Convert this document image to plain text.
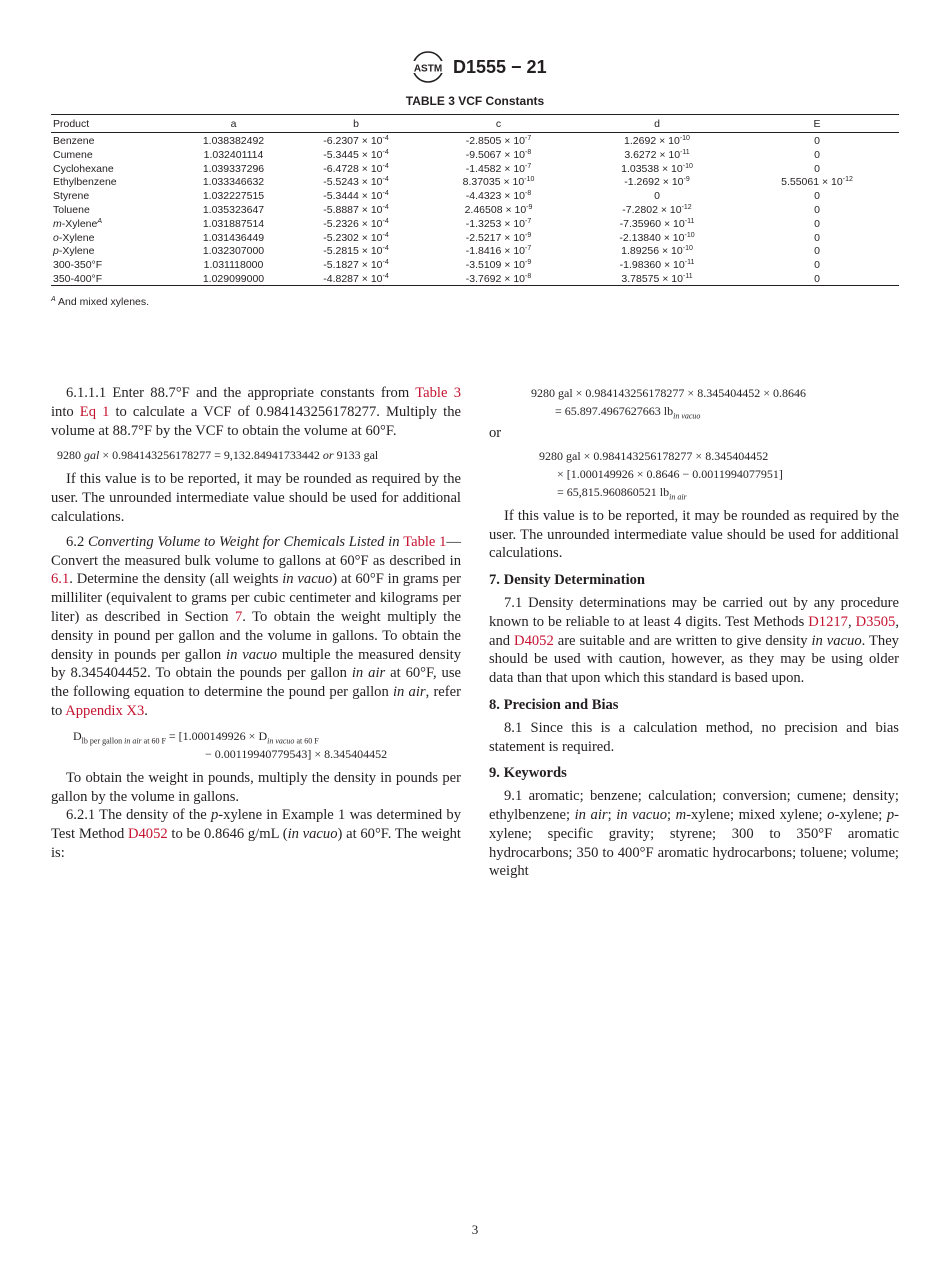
ASTM D1555 − 21
TABLE 3 VCF Constants
Product	a	b	c	d	E
Benzene	1.038382492	$-6.2307 \times 10^{-4}$	$-2.8505 \times 10^{-7}$	$1.2692 \times 10^{-10}$	0
Cumene	1.032401114	$-5.3445 \times 10^{-4}$	$-9.5067 \times 10^{-8}$	$3.6272 \times 10^{-11}$	0
Cyclohexane	1.039337296	$-6.4728 \times 10^{-4}$	$-1.4582 \times 10^{-7}$	$1.03538 \times 10^{-10}$	0
Ethylbenzene	1.033346632	$-5.5243 \times 10^{-4}$	$8.37035 \times 10^{-10}$	$-1.2692 \times 10^{-9}$	$5.55061 \times 10^{-12}$
Styrene	1.032227515	$-5.3444 \times 10^{-4}$	$-4.4323 \times 10^{-8}$	0	0
Toluene	1.035323647	$-5.8887 \times 10^{-4}$	$2.46508 \times 10^{-9}$	$-7.2802 \times 10^{-12}$	0
m-Xylene$^A$	1.031887514	$-5.2326 \times 10^{-4}$	$-1.3253 \times 10^{-7}$	$-7.35960 \times 10^{-11}$	0
o-Xylene	1.031436449	$-5.2302 \times 10^{-4}$	$-2.5217 \times 10^{-9}$	$-2.13840 \times 10^{-10}$	0
p-Xylene	1.032307000	$-5.2815 \times 10^{-4}$	$-1.8416 \times 10^{-7}$	$1.89256 \times 10^{-10}$	0
300-350°F	1.031118000	$-5.1827 \times 10^{-4}$	$-3.5109 \times 10^{-9}$	$-1.98360 \times 10^{-11}$	0
350-400°F	1.029099000	$-4.8287 \times 10^{-4}$	$-3.7692 \times 10^{-8}$	$3.78575 \times 10^{-11}$	0
$^A$ And mixed xylenes.

6.1.1.1 Enter 88.7°F and the appropriate constants from Table 3 into Eq 1 to calculate a VCF of 0.984143256178277. Multiply the volume at 88.7°F by the VCF to obtain the volume at 60°F.

9280 gal × 0.984143256178277 = 9,132.84941733442 or 9133 gal

If this value is to be reported, it may be rounded as required by the user. The unrounded intermediate value should be used for additional calculations.

6.2 Converting Volume to Weight for Chemicals Listed in Table 1—Convert the measured bulk volume to gallons at 60°F as described in 6.1. Determine the density (all weights in vacuo) at 60°F in grams per milliliter (equivalent to grams per cubic centimeter and kilograms per liter) as described in Section 7. To obtain the weight multiply the density in pound per gallon and the volume in gallons. To obtain the density in pounds per gallon in vacuo multiple the measured density by 8.345404452. To obtain the pounds per gallon in air at 60°F, use the following equation to determine the pound per gallon in air, refer to Appendix X3.

$D_{lb per gallon in air at 60 F} = [1.000149926 \times D_{in vacuo at 60 F}$
− 0.00119940779543] × 8.345404452

To obtain the weight in pounds, multiply the density in pounds per gallon by the volume in gallons.

6.2.1 The density of the p-xylene in Example 1 was determined by Test Method D4052 to be 0.8646 g/mL (in vacuo) at 60°F. The weight is:

9280 gal × 0.984143256178277 × 8.345404452 × 0.8646
= 65.897.4967627663 $lb_{in vacuo}$

or

9280 gal × 0.984143256178277 × 8.345404452
× [1.000149926 × 0.8646 − 0.0011994077951]
= 65,815.960860521 $lb_{in air}$

If this value is to be reported, it may be rounded as required by the user. The unrounded intermediate value should be used for additional calculations.

7. Density Determination

7.1 Density determinations may be carried out by any procedure known to be reliable to at least 4 digits. Test Methods D1217, D3505, and D4052 are suitable and are written to give density in vacuo. They should be used with caution, however, as they may be using older data than that upon which this standard is based upon.

8. Precision and Bias

8.1 Since this is a calculation method, no precision and bias statement is required.

9. Keywords

9.1 aromatic; benzene; calculation; conversion; cumene; density; ethylbenzene; in air; in vacuo; m-xylene; mixed xylene; o-xylene; p-xylene; specific gravity; styrene; 300 to 350°F aromatic hydrocarbons; 350 to 400°F aromatic hydrocarbons; toluene; volume; weight

3
